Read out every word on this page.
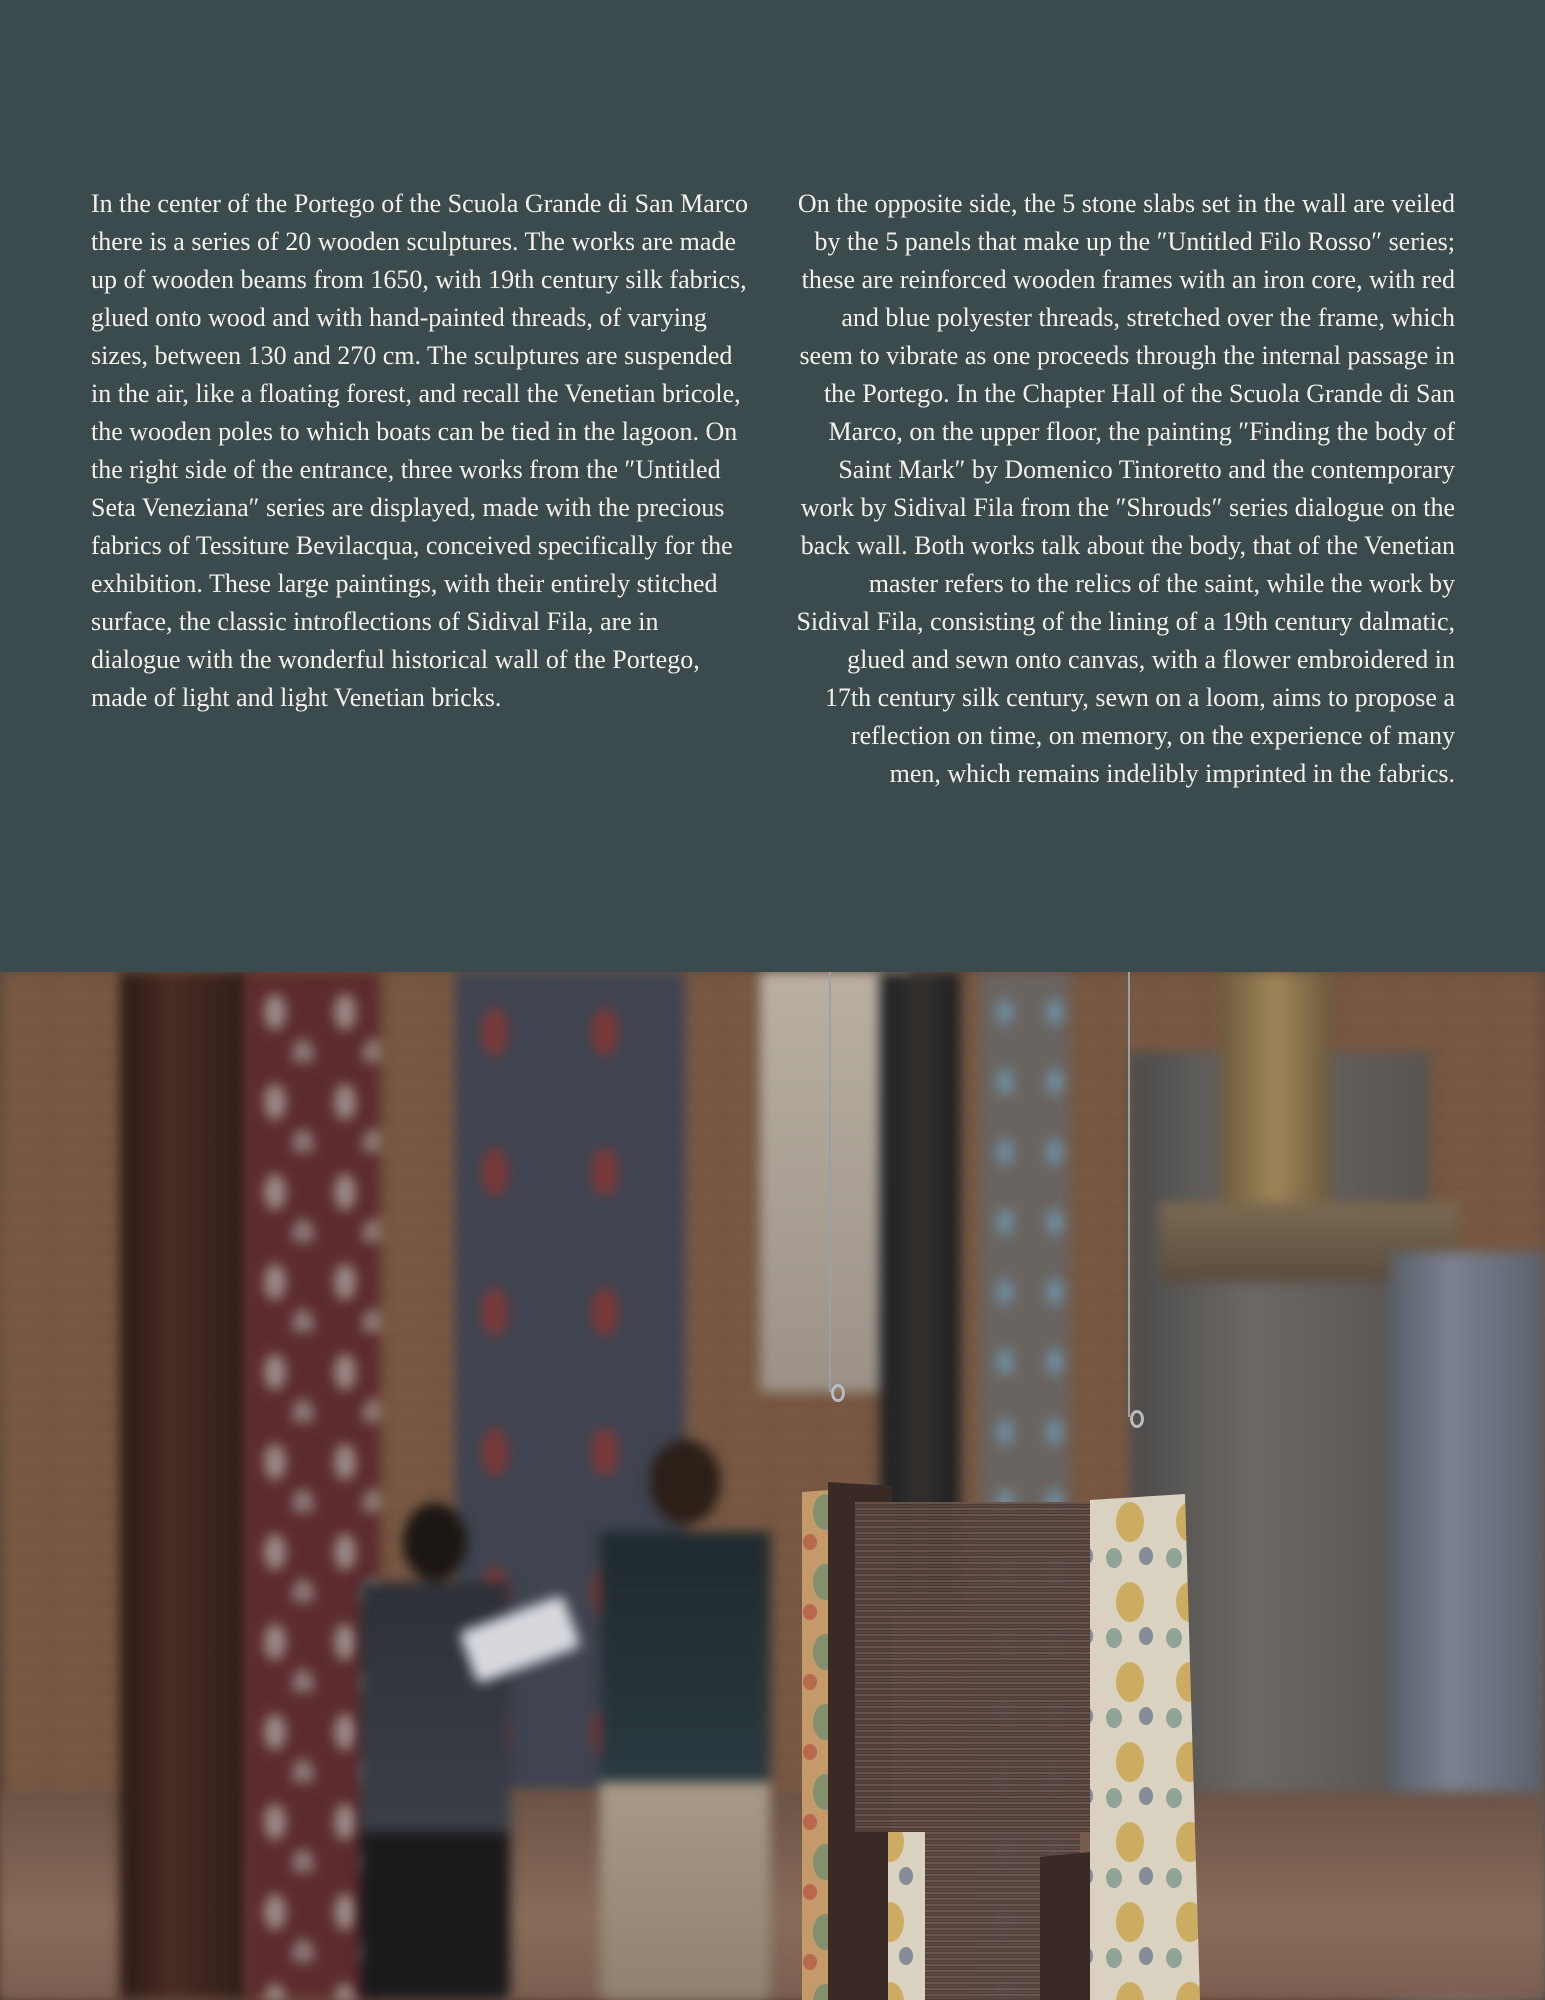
In the center of the Portego of the Scuola Grande di San Marco there is a series of 20 wooden sculptures. The works are made up of wooden beams from 1650, with 19th century silk fabrics, glued onto wood and with hand-painted threads, of varying sizes, between 130 and 270 cm. The sculptures are suspended in the air, like a floating forest, and recall the Venetian bricole, the wooden poles to which boats can be tied in the lagoon. On the right side of the entrance, three works from the ″Untitled Seta Veneziana″ series are displayed, made with the precious fabrics of Tessiture Bevilacqua, conceived specifically for the exhibition. These large paintings, with their entirely stitched surface, the classic introflections of Sidival Fila, are in dialogue with the wonderful historical wall of the Portego, made of light and light Venetian bricks.

On the opposite side, the 5 stone slabs set in the wall are veiled by the 5 panels that make up the ″Untitled Filo Rosso″ series; these are reinforced wooden frames with an iron core, with red and blue polyester threads, stretched over the frame, which seem to vibrate as one proceeds through the internal passage in the Portego. In the Chapter Hall of the Scuola Grande di San Marco, on the upper floor, the painting ″Finding the body of Saint Mark″ by Domenico Tintoretto and the contemporary work by Sidival Fila from the ″Shrouds″ series dialogue on the back wall. Both works talk about the body, that of the Venetian master refers to the relics of the saint, while the work by Sidival Fila, consisting of the lining of a 19th century dalmatic, glued and sewn onto canvas, with a flower embroidered in 17th century silk century, sewn on a loom, aims to propose a reflection on time, on memory, on the experience of many men, which remains indelibly imprinted in the fabrics.
